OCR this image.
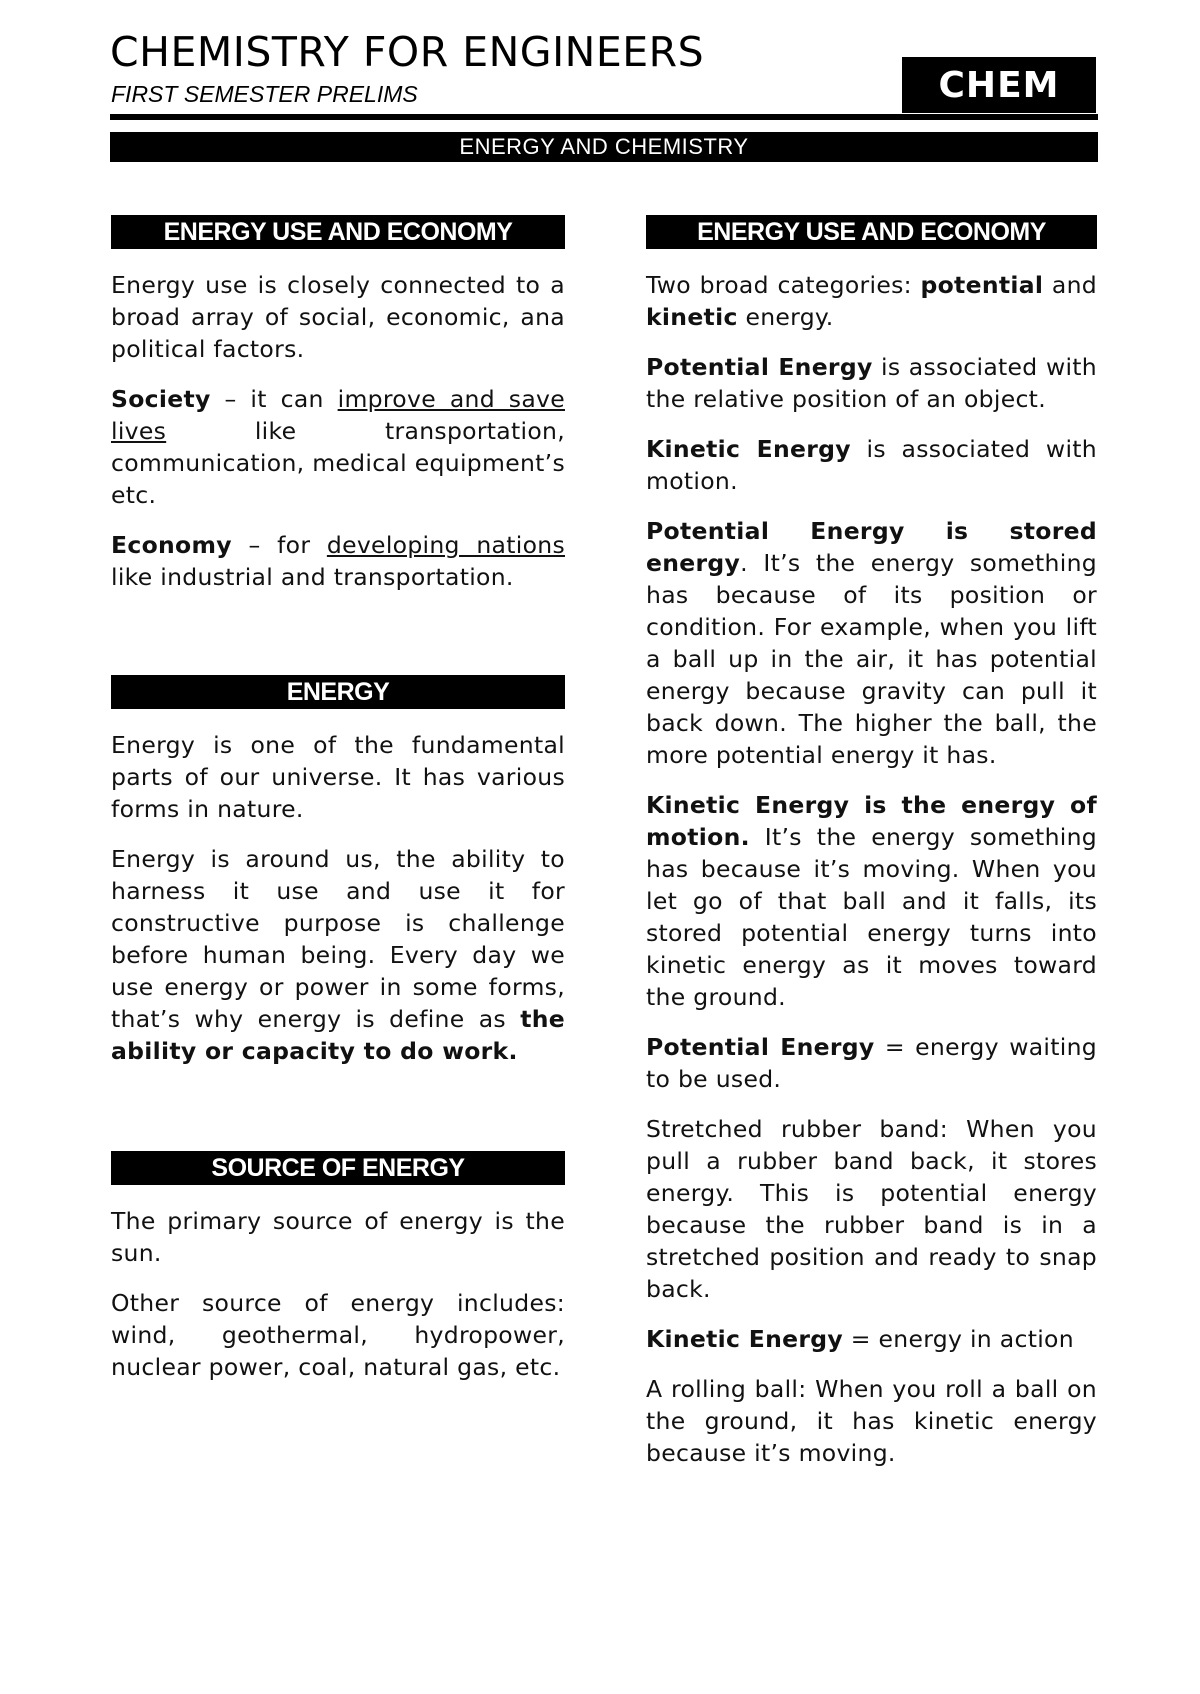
CHEMISTRY FOR ENGINEERS

FIRST SEMESTER PRELIMS	CHEM
ENERGY AND CHEMISTRY
ENERGY USE AND ECONOMY

Energy use is closely connected to a broad array of social, economic, ana political factors.

Society – it can improve and save lives like transportation, communication, medical equipment’s etc.

Economy – for developing nations like industrial and transportation.

ENERGY

Energy is one of the fundamental parts of our universe. It has various forms in nature.

Energy is around us, the ability to harness it use and use it for constructive purpose is challenge before human being. Every day we use energy or power in some forms, that’s why energy is define as the ability or capacity to do work.

SOURCE OF ENERGY

The primary source of energy is the sun.

Other source of energy includes: wind, geothermal, hydropower, nuclear power, coal, natural gas, etc.

ENERGY USE AND ECONOMY

Two broad categories: potential and kinetic energy.

Potential Energy is associated with the relative position of an object.

Kinetic Energy is associated with motion.

Potential Energy is stored energy. It’s the energy something has because of its position or condition. For example, when you lift a ball up in the air, it has potential energy because gravity can pull it back down. The higher the ball, the more potential energy it has.

Kinetic Energy is the energy of motion. It’s the energy something has because it’s moving. When you let go of that ball and it falls, its stored potential energy turns into kinetic energy as it moves toward the ground.

Potential Energy = energy waiting to be used.

Stretched rubber band: When you pull a rubber band back, it stores energy. This is potential energy because the rubber band is in a stretched position and ready to snap back.

Kinetic Energy = energy in action

A rolling ball: When you roll a ball on the ground, it has kinetic energy because it’s moving.
